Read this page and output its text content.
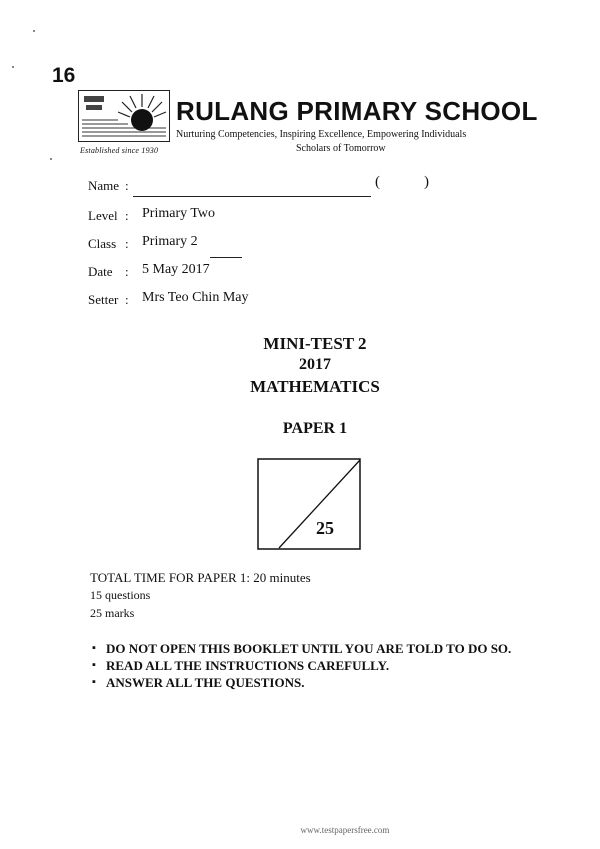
16
Established since 1930
RULANG PRIMARY SCHOOL
Nurturing Competencies, Inspiring Excellence, Empowering Individuals
Scholars of Tomorrow
Name :	(	)
Level : Primary Two
Class : Primary 2
Date : 5 May 2017
Setter : Mrs Teo Chin May
MINI-TEST 2
2017
MATHEMATICS
PAPER 1
25
TOTAL TIME FOR PAPER 1: 20 minutes
15 questions
25 marks
▪ DO NOT OPEN THIS BOOKLET UNTIL YOU ARE TOLD TO DO SO.
▪ READ ALL THE INSTRUCTIONS CAREFULLY.
▪ ANSWER ALL THE QUESTIONS.
www.testpapersfree.com
